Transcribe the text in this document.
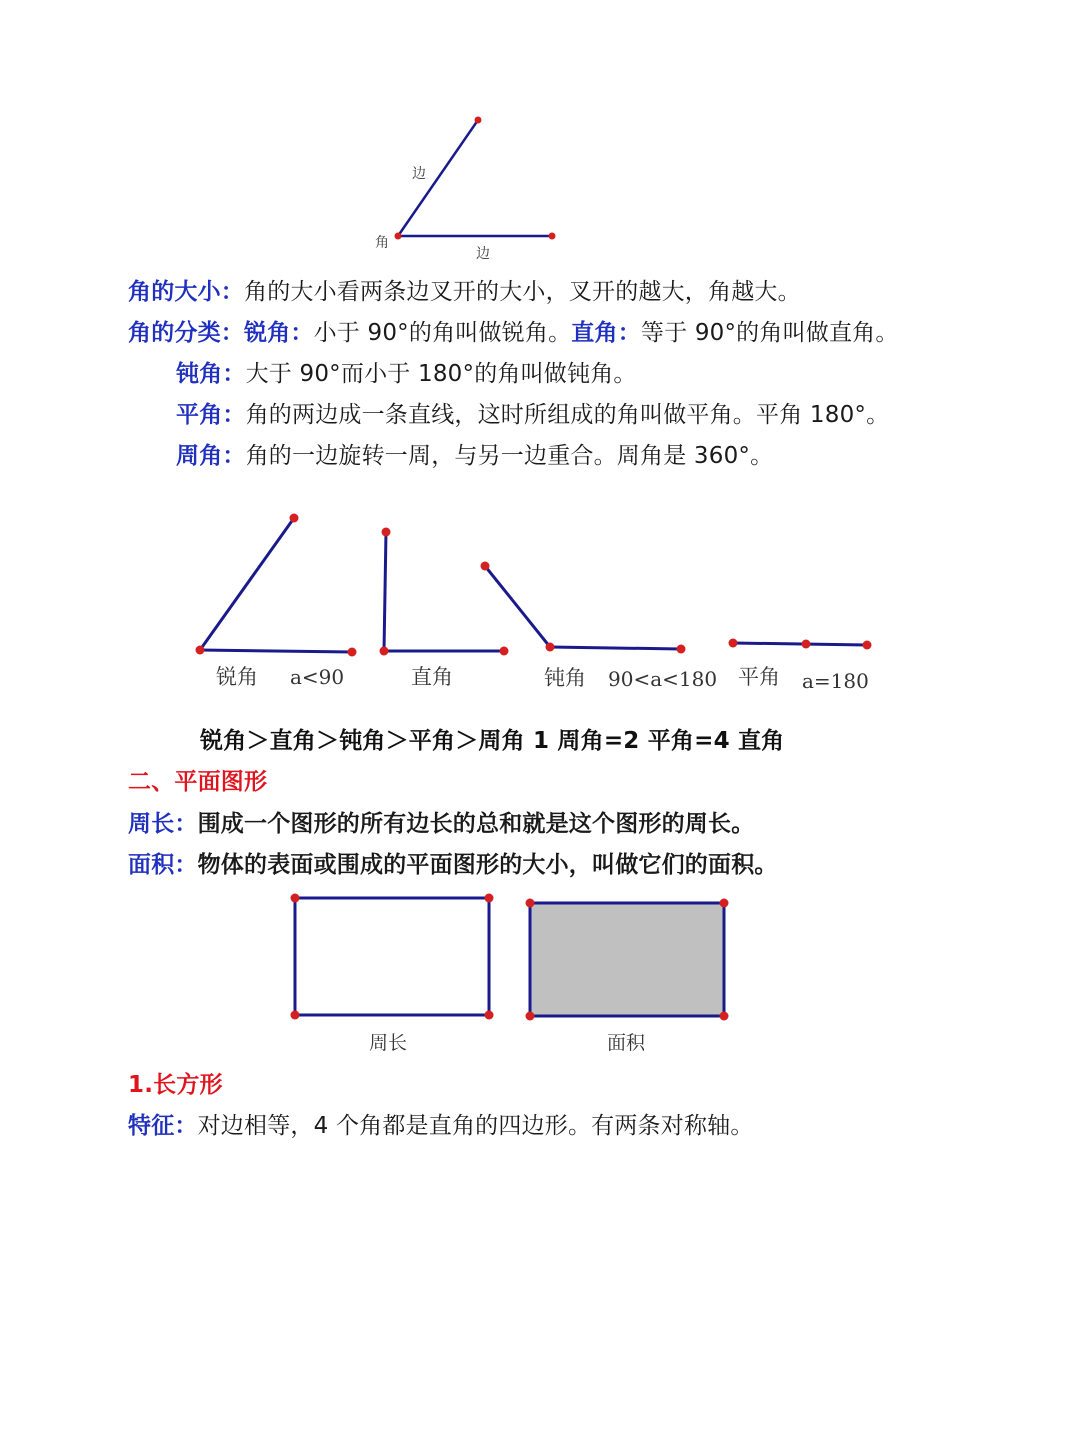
边
角
边
角的大小：角的大小看两条边叉开的大小，叉开的越大，角越大。
角的分类：锐角：小于 90°的角叫做锐角。直角：等于 90°的角叫做直角。
钝角：大于 90°而小于 180°的角叫做钝角。
平角：角的两边成一条直线，这时所组成的角叫做平角。平角 180°。
周角：角的一边旋转一周，与另一边重合。周角是 360°。
锐角 a<90	直角	钝角 90<a<180 平角 a=180
锐角＞直角＞钝角＞平角＞周角 1 周角=2 平角=4 直角
二、平面图形
周长：围成一个图形的所有边长的总和就是这个图形的周长。
面积：物体的表面或围成的平面图形的大小，叫做它们的面积。
周长	面积
1.长方形
特征：对边相等，4 个角都是直角的四边形。有两条对称轴。
